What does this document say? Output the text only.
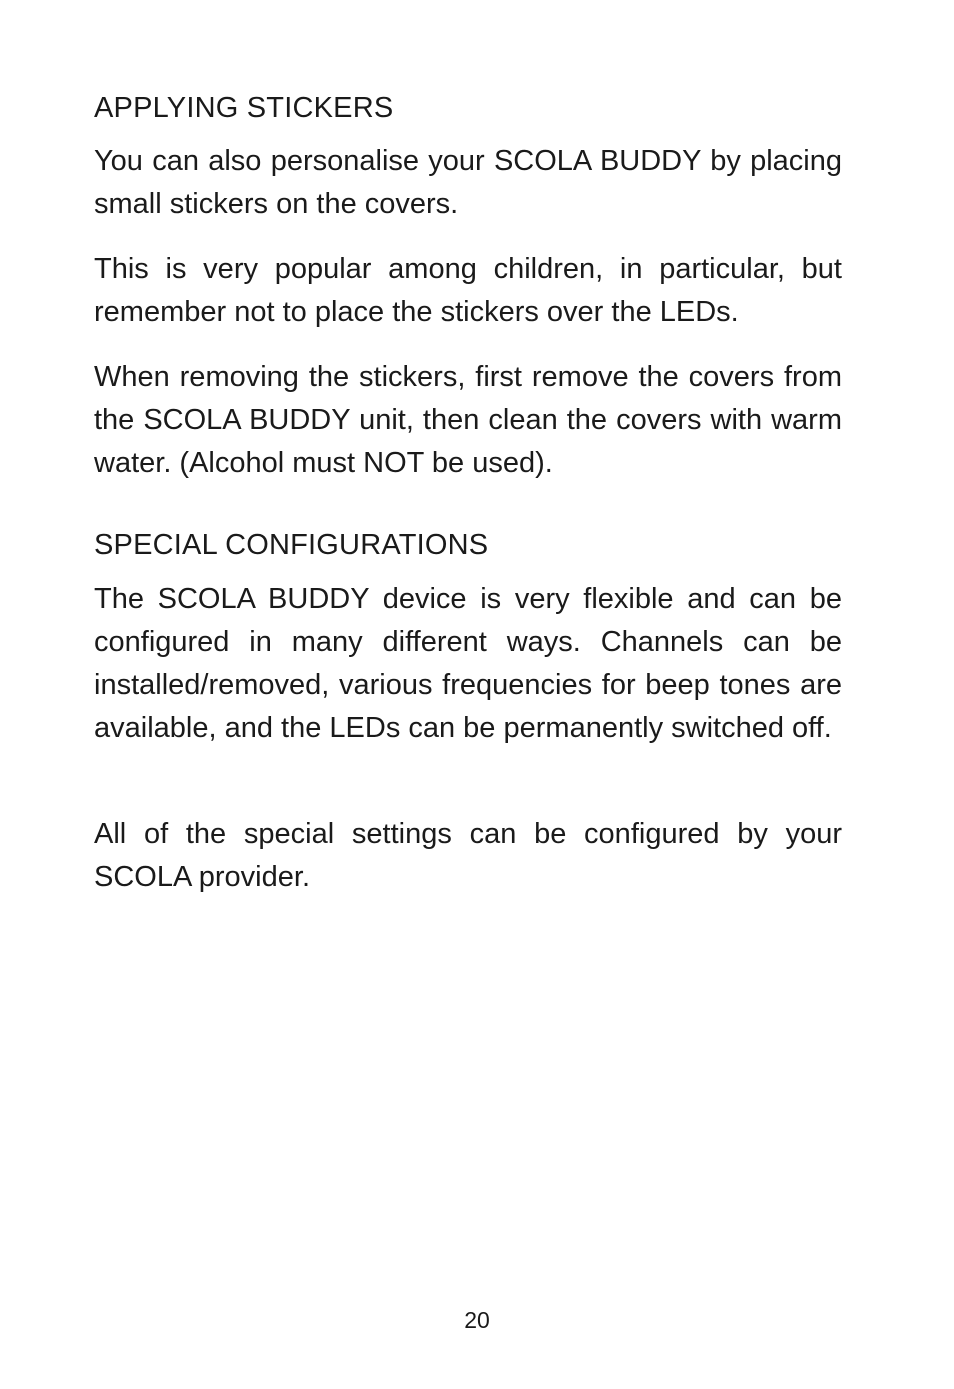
APPLYING STICKERS

You can also personalise your SCOLA BUDDY by placing small stickers on the covers.

This is very popular among children, in particular, but remember not to place the stickers over the LEDs.

When removing the stickers, first remove the covers from the SCOLA BUDDY unit, then clean the covers with warm water. (Alcohol must NOT be used).

SPECIAL CONFIGURATIONS

The SCOLA BUDDY device is very flexible and can be configured in many different ways. Channels can be installed/removed, various frequencies for beep tones are available, and the LEDs can be permanently switched off.

All of the special settings can be configured by your SCOLA provider.

20
